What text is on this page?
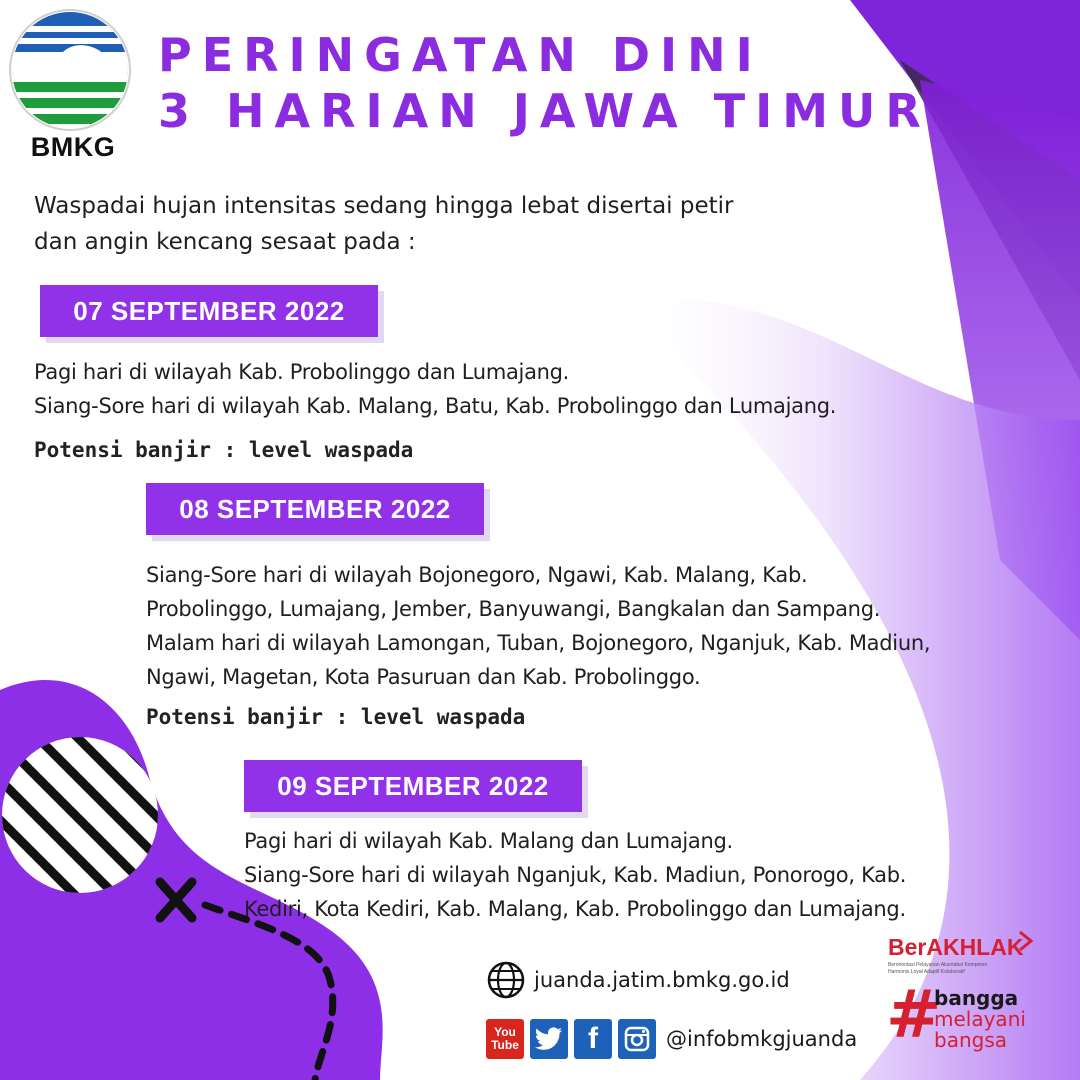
BMKG
PERINGATAN DINI
3 HARIAN JAWA TIMUR
Waspadai hujan intensitas sedang hingga lebat disertai petir
dan angin kencang sesaat pada :
07 SEPTEMBER 2022
Pagi hari di wilayah Kab. Probolinggo dan Lumajang.
Siang-Sore hari di wilayah Kab. Malang, Batu, Kab. Probolinggo dan Lumajang.
Potensi banjir : level waspada
08 SEPTEMBER 2022
Siang-Sore hari di wilayah Bojonegoro, Ngawi, Kab. Malang, Kab.
Probolinggo, Lumajang, Jember, Banyuwangi, Bangkalan dan Sampang.
Malam hari di wilayah Lamongan, Tuban, Bojonegoro, Nganjuk, Kab. Madiun,
Ngawi, Magetan, Kota Pasuruan dan Kab. Probolinggo.
Potensi banjir : level waspada
09 SEPTEMBER 2022
Pagi hari di wilayah Kab. Malang dan Lumajang.
Siang-Sore hari di wilayah Nganjuk, Kab. Madiun, Ponorogo, Kab.
Kediri, Kota Kediri, Kab. Malang, Kab. Probolinggo dan Lumajang.
juanda.jatim.bmkg.go.id
You
Tube f	@infobmkgjuanda
BerAKHLAK
Berorientasi Pelayanan Akuntabel Kompeten
Harmonis Loyal Adaptif Kolaboratif
#
bangga
melayani
bangsa
